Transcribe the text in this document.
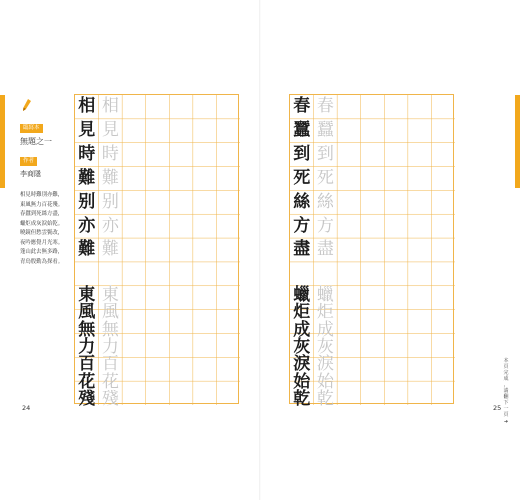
臨寫本
無題之一
作者
李商隱
相見時難別亦難，
東風無力百花殘。
春蠶到死絲方盡，
蠟炬成灰淚始乾。
曉鏡但愁雲鬢改，
夜吟應覺月光寒。
蓬山此去無多路，
青鳥殷勤為探看。
相 相
見 見
時 時
難 難
别 别
亦 亦
難 難
東 東
風 風
無 無
力 力
百 百
花 花
殘 殘
24
春 春
蠶 蠶
到 到
死 死
絲 絲
方 方
盡 盡
蠟 蠟
炬 炬
成 成
灰 灰
淚 淚
始 始
乾 乾
本
頁
完
成
，
請
翻
下
一
頁
➜
25
